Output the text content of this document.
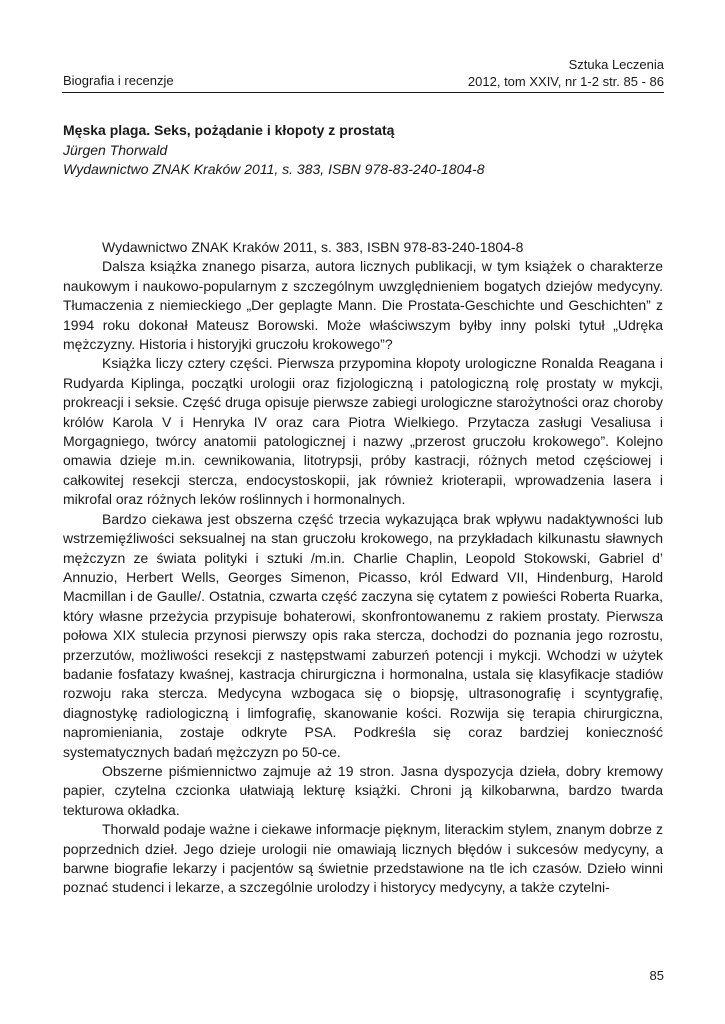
Biografia i recenzje
Sztuka Leczenia
2012, tom XXIV, nr 1-2 str. 85 - 86
Męska plaga. Seks, pożądanie i kłopoty z prostatą
Jürgen Thorwald
Wydawnictwo ZNAK Kraków 2011, s. 383, ISBN 978-83-240-1804-8

Wydawnictwo ZNAK Kraków 2011, s. 383, ISBN 978-83-240-1804-8

Dalsza książka znanego pisarza, autora licznych publikacji, w tym książek o charakterze naukowym i naukowo-popularnym z szczególnym uwzględnieniem bogatych dziejów medycyny. Tłumaczenia z niemieckiego „Der geplagte Mann. Die Prostata-Geschichte und Geschichten” z 1994 roku dokonał Mateusz Borowski. Może właściwszym byłby inny polski tytuł „Udręka mężczyzny. Historia i historyjki gruczołu krokowego”?

Książka liczy cztery części. Pierwsza przypomina kłopoty urologiczne Ronalda Reagana i Rudyarda Kiplinga, początki urologii oraz fizjologiczną i patologiczną rolę prostaty w mykcji, prokreacji i seksie. Część druga opisuje pierwsze zabiegi urologiczne starożytności oraz choroby królów Karola V i Henryka IV oraz cara Piotra Wielkiego. Przytacza zasługi Vesaliusa i Morgagniego, twórcy anatomii patologicznej i nazwy „przerost gruczołu krokowego”. Kolejno omawia dzieje m.in. cewnikowania, litotrypsji, próby kastracji, różnych metod częściowej i całkowitej resekcji stercza, endocystoskopii, jak również krioterapii, wprowadzenia lasera i mikrofal oraz różnych leków roślinnych i hormonalnych.

Bardzo ciekawa jest obszerna część trzecia wykazująca brak wpływu nadaktywności lub wstrzemięźliwości seksualnej na stan gruczołu krokowego, na przykładach kilkunastu sławnych mężczyzn ze świata polityki i sztuki /m.in. Charlie Chaplin, Leopold Stokowski, Gabriel d’ Annuzio, Herbert Wells, Georges Simenon, Picasso, król Edward VII, Hindenburg, Harold Macmillan i de Gaulle/. Ostatnia, czwarta część zaczyna się cytatem z powieści Roberta Ruarka, który własne przeżycia przypisuje bohaterowi, skonfrontowanemu z rakiem prostaty. Pierwsza połowa XIX stulecia przynosi pierwszy opis raka stercza, dochodzi do poznania jego rozrostu, przerzutów, możliwości resekcji z następstwami zaburzeń potencji i mykcji. Wchodzi w użytek badanie fosfatazy kwaśnej, kastracja chirurgiczna i hormonalna, ustala się klasyfikacje stadiów rozwoju raka stercza. Medycyna wzbogaca się o biopsję, ultrasonografię i scyntygrafię, diagnostykę radiologiczną i limfografię, skanowanie kości. Rozwija się terapia chirurgiczna, napromieniania, zostaje odkryte PSA. Podkreśla się coraz bardziej konieczność systematycznych badań mężczyzn po 50-ce.

Obszerne piśmiennictwo zajmuje aż 19 stron. Jasna dyspozycja dzieła, dobry kremowy papier, czytelna czcionka ułatwiają lekturę książki. Chroni ją kilkobarwna, bardzo twarda tekturowa okładka.

Thorwald podaje ważne i ciekawe informacje pięknym, literackim stylem, znanym dobrze z poprzednich dzieł. Jego dzieje urologii nie omawiają licznych błędów i sukcesów medycyny, a barwne biografie lekarzy i pacjentów są świetnie przedstawione na tle ich czasów. Dzieło winni poznać studenci i lekarze, a szczególnie urolodzy i historycy medycyny, a także czytelni-

85
